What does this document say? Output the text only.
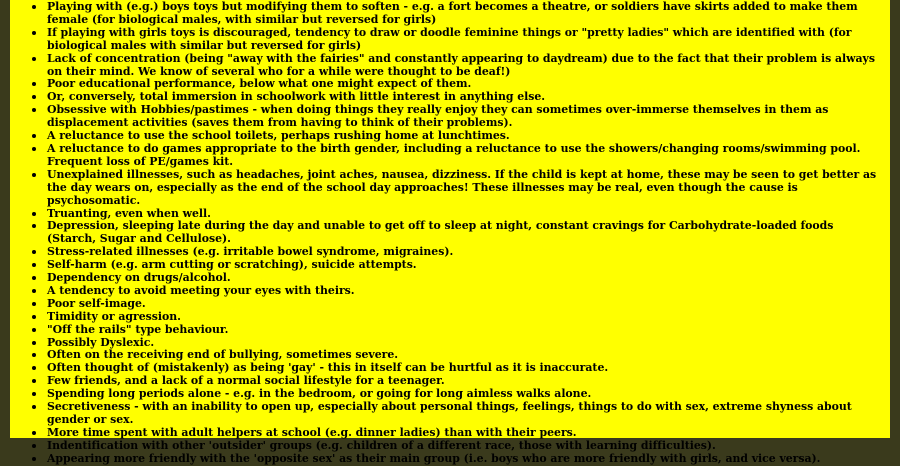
Playing with (e.g.) boys toys but modifying them to soften - e.g. a fort becomes a theatre, or soldiers have skirts added to make them female (for biological males, with similar but reversed for girls)
If playing with girls toys is discouraged, tendency to draw or doodle feminine things or "pretty ladies" which are identified with (for biological males with similar but reversed for girls)
Lack of concentration (being "away with the fairies" and constantly appearing to daydream) due to the fact that their problem is always on their mind. We know of several who for a while were thought to be deaf!)
Poor educational performance, below what one might expect of them.
Or, conversely, total immersion in schoolwork with little interest in anything else.
Obsessive with Hobbies/pastimes - when doing things they really enjoy they can sometimes over-immerse themselves in them as displacement activities (saves them from having to think of their problems).
A reluctance to use the school toilets, perhaps rushing home at lunchtimes.
A reluctance to do games appropriate to the birth gender, including a reluctance to use the showers/changing rooms/swimming pool. Frequent loss of PE/games kit.
Unexplained illnesses, such as headaches, joint aches, nausea, dizziness. If the child is kept at home, these may be seen to get better as the day wears on, especially as the end of the school day approaches! These illnesses may be real, even though the cause is psychosomatic.
Truanting, even when well.
Depression, sleeping late during the day and unable to get off to sleep at night, constant cravings for Carbohydrate-loaded foods (Starch, Sugar and Cellulose).
Stress-related illnesses (e.g. irritable bowel syndrome, migraines).
Self-harm (e.g. arm cutting or scratching), suicide attempts.
Dependency on drugs/alcohol.
A tendency to avoid meeting your eyes with theirs.
Poor self-image.
Timidity or agression.
"Off the rails" type behaviour.
Possibly Dyslexic.
Often on the receiving end of bullying, sometimes severe.
Often thought of (mistakenly) as being 'gay' - this in itself can be hurtful as it is inaccurate.
Few friends, and a lack of a normal social lifestyle for a teenager.
Spending long periods alone - e.g. in the bedroom, or going for long aimless walks alone.
Secretiveness - with an inability to open up, especially about personal things, feelings, things to do with sex, extreme shyness about gender or sex.
More time spent with adult helpers at school (e.g. dinner ladies) than with their peers.
Indentification with other 'outsider' groups (e.g. children of a different race, those with learning difficulties).
Appearing more friendly with the 'opposite sex' as their main group (i.e. boys who are more friendly with girls, and vice versa).
